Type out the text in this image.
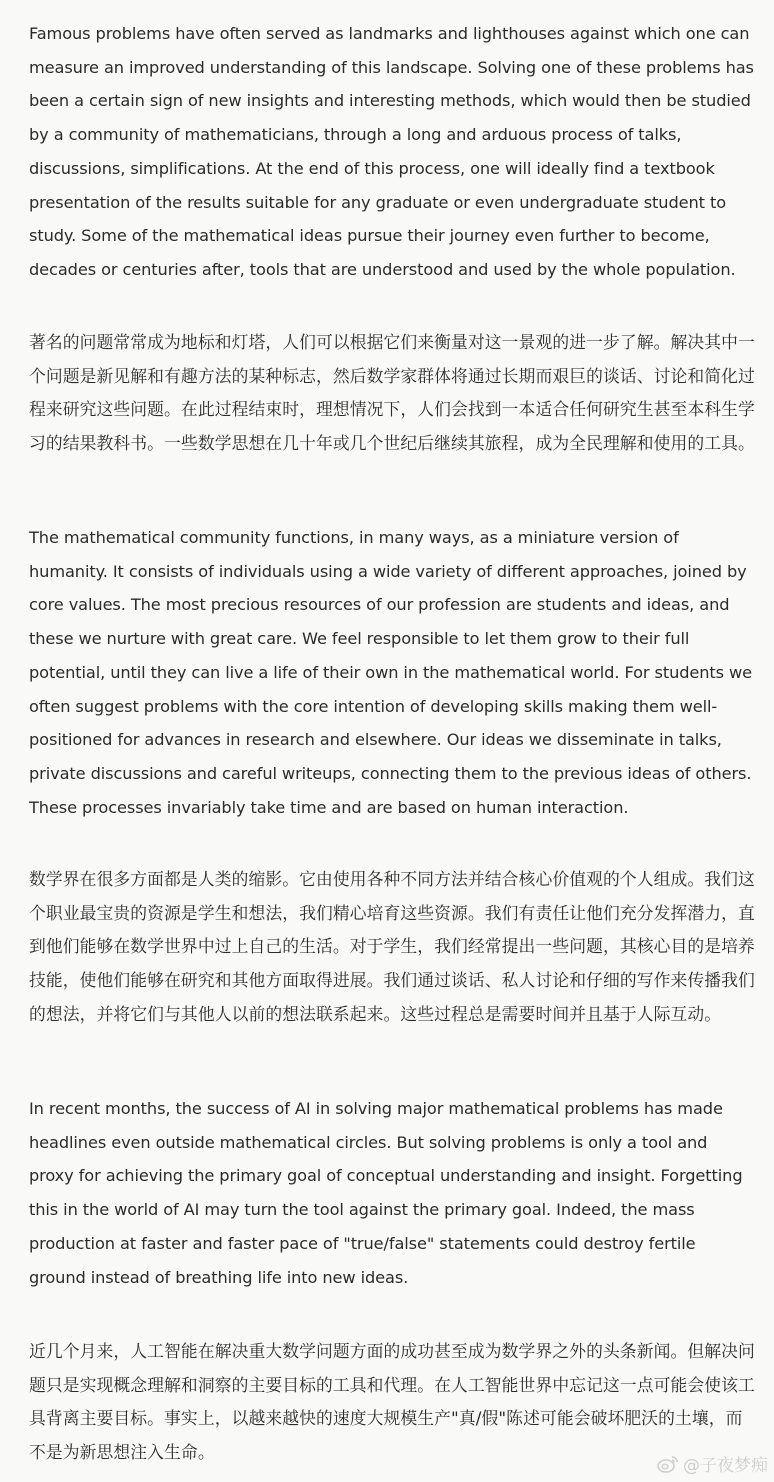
Famous problems have often served as landmarks and lighthouses against which one can measure an improved understanding of this landscape. Solving one of these problems has been a certain sign of new insights and interesting methods, which would then be studied by a community of mathematicians, through a long and arduous process of talks, discussions, simplifications. At the end of this process, one will ideally find a textbook presentation of the results suitable for any graduate or even undergraduate student to study. Some of the mathematical ideas pursue their journey even further to become, decades or centuries after, tools that are understood and used by the whole population.

著名的问题常常成为地标和灯塔，人们可以根据它们来衡量对这一景观的进一步了解。解决其中一个问题是新见解和有趣方法的某种标志，然后数学家群体将通过长期而艰巨的谈话、讨论和简化过程来研究这些问题。在此过程结束时，理想情况下，人们会找到一本适合任何研究生甚至本科生学习的结果教科书。一些数学思想在几十年或几个世纪后继续其旅程，成为全民理解和使用的工具。

The mathematical community functions, in many ways, as a miniature version of humanity. It consists of individuals using a wide variety of different approaches, joined by core values. The most precious resources of our profession are students and ideas, and these we nurture with great care. We feel responsible to let them grow to their full potential, until they can live a life of their own in the mathematical world. For students we often suggest problems with the core intention of developing skills making them well-positioned for advances in research and elsewhere. Our ideas we disseminate in talks, private discussions and careful writeups, connecting them to the previous ideas of others. These processes invariably take time and are based on human interaction.

数学界在很多方面都是人类的缩影。它由使用各种不同方法并结合核心价值观的个人组成。我们这个职业最宝贵的资源是学生和想法，我们精心培育这些资源。我们有责任让他们充分发挥潜力，直到他们能够在数学世界中过上自己的生活。对于学生，我们经常提出一些问题，其核心目的是培养技能，使他们能够在研究和其他方面取得进展。我们通过谈话、私人讨论和仔细的写作来传播我们的想法，并将它们与其他人以前的想法联系起来。这些过程总是需要时间并且基于人际互动。

In recent months, the success of AI in solving major mathematical problems has made headlines even outside mathematical circles. But solving problems is only a tool and proxy for achieving the primary goal of conceptual understanding and insight. Forgetting this in the world of AI may turn the tool against the primary goal. Indeed, the mass production at faster and faster pace of "true/false" statements could destroy fertile ground instead of breathing life into new ideas.

近几个月来，人工智能在解决重大数学问题方面的成功甚至成为数学界之外的头条新闻。但解决问题只是实现概念理解和洞察的主要目标的工具和代理。在人工智能世界中忘记这一点可能会使该工具背离主要目标。事实上，以越来越快的速度大规模生产"真/假"陈述可能会破坏肥沃的土壤，而不是为新思想注入生命。

@子夜梦痴
